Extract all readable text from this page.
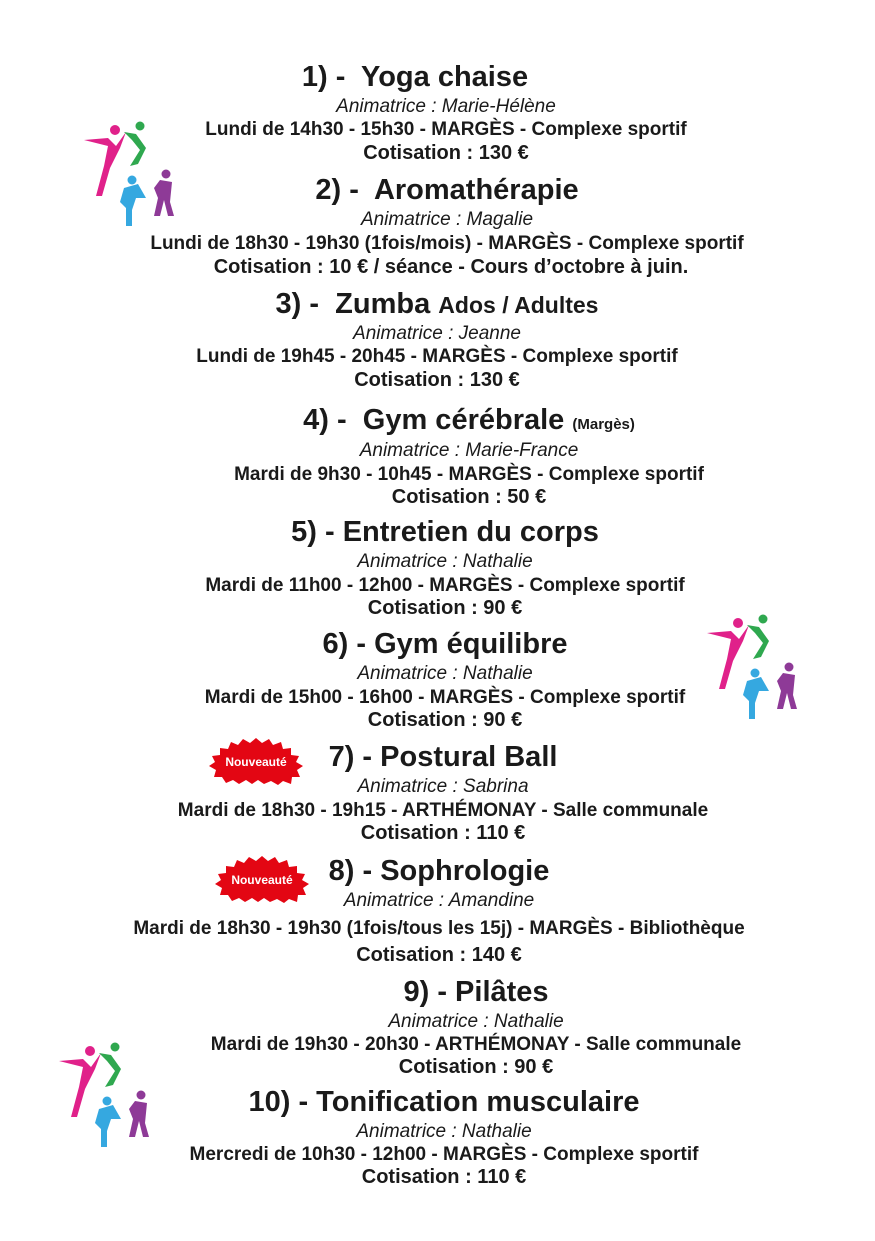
1) - Yoga chaise
Animatrice : Marie-Hélène
Lundi de 14h30 - 15h30 - MARGÈS - Complexe sportif
Cotisation : 130 €
2) - Aromathérapie
Animatrice : Magalie
Lundi de 18h30 - 19h30 (1fois/mois) - MARGÈS - Complexe sportif
Cotisation : 10 € / séance - Cours d’octobre à juin.
3) - Zumba Ados / Adultes
Animatrice : Jeanne
Lundi de 19h45 - 20h45 - MARGÈS - Complexe sportif
Cotisation : 130 €
4) - Gym cérébrale (Margès)
Animatrice : Marie-France
Mardi de 9h30 - 10h45 - MARGÈS - Complexe sportif
Cotisation : 50 €
5) - Entretien du corps
Animatrice : Nathalie
Mardi de 11h00 - 12h00 - MARGÈS - Complexe sportif
Cotisation : 90 €
6) - Gym équilibre
Animatrice : Nathalie
Mardi de 15h00 - 16h00 - MARGÈS - Complexe sportif
Cotisation : 90 €
7) - Postural Ball
Animatrice : Sabrina
Mardi de 18h30 - 19h15 - ARTHÉMONAY - Salle communale
Cotisation : 110 €
8) - Sophrologie
Animatrice : Amandine
Mardi de 18h30 - 19h30 (1fois/tous les 15j) - MARGÈS - Bibliothèque
Cotisation : 140 €
9) - Pilâtes
Animatrice : Nathalie
Mardi de 19h30 - 20h30 - ARTHÉMONAY - Salle communale
Cotisation : 90 €
10) - Tonification musculaire
Animatrice : Nathalie
Mercredi de 10h30 - 12h00 - MARGÈS - Complexe sportif
Cotisation : 110 €
Nouveauté
Nouveauté
